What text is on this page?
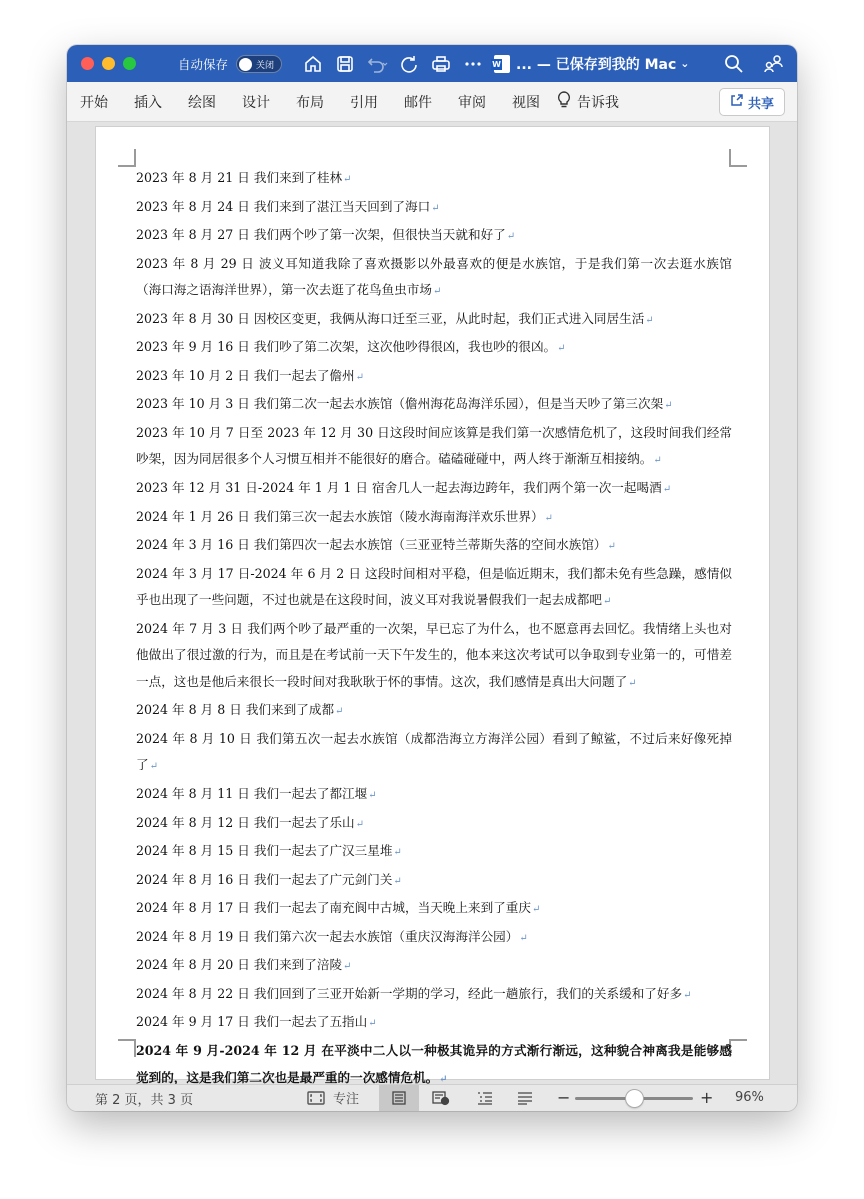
自动保存	关闭
W	... — 已保存到我的 Mac ⌄
开始 插入 绘图 设计 布局 引用 邮件 审阅 视图	告诉我	共享
2023 年 8 月 21 日 我们来到了桂林↵
2023 年 8 月 24 日 我们来到了湛江当天回到了海口↵
2023 年 8 月 27 日 我们两个吵了第一次架，但很快当天就和好了↵
2023 年 8 月 29 日 波义耳知道我除了喜欢摄影以外最喜欢的便是水族馆，于是我们第一次去逛水族馆（海口海之语海洋世界），第一次去逛了花鸟鱼虫市场↵
2023 年 8 月 30 日 因校区变更，我俩从海口迁至三亚，从此时起，我们正式进入同居生活↵
2023 年 9 月 16 日 我们吵了第二次架，这次他吵得很凶，我也吵的很凶。↵
2023 年 10 月 2 日 我们一起去了儋州↵
2023 年 10 月 3 日 我们第二次一起去水族馆（儋州海花岛海洋乐园），但是当天吵了第三次架↵
2023 年 10 月 7 日至 2023 年 12 月 30 日这段时间应该算是我们第一次感情危机了，这段时间我们经常吵架，因为同居很多个人习惯互相并不能很好的磨合。磕磕碰碰中，两人终于渐渐互相接纳。↵
2023 年 12 月 31 日-2024 年 1 月 1 日 宿舍几人一起去海边跨年，我们两个第一次一起喝酒↵
2024 年 1 月 26 日 我们第三次一起去水族馆（陵水海南海洋欢乐世界）↵
2024 年 3 月 16 日 我们第四次一起去水族馆（三亚亚特兰蒂斯失落的空间水族馆）↵
2024 年 3 月 17 日-2024 年 6 月 2 日 这段时间相对平稳，但是临近期末，我们都未免有些急躁，感情似乎也出现了一些问题，不过也就是在这段时间，波义耳对我说暑假我们一起去成都吧↵
2024 年 7 月 3 日 我们两个吵了最严重的一次架，早已忘了为什么，也不愿意再去回忆。我情绪上头也对他做出了很过激的行为，而且是在考试前一天下午发生的，他本来这次考试可以争取到专业第一的，可惜差一点，这也是他后来很长一段时间对我耿耿于怀的事情。这次，我们感情是真出大问题了↵
2024 年 8 月 8 日 我们来到了成都↵
2024 年 8 月 10 日 我们第五次一起去水族馆（成都浩海立方海洋公园）看到了鲸鲨，不过后来好像死掉了↵
2024 年 8 月 11 日 我们一起去了都江堰↵
2024 年 8 月 12 日 我们一起去了乐山↵
2024 年 8 月 15 日 我们一起去了广汉三星堆↵
2024 年 8 月 16 日 我们一起去了广元剑门关↵
2024 年 8 月 17 日 我们一起去了南充阆中古城，当天晚上来到了重庆↵
2024 年 8 月 19 日 我们第六次一起去水族馆（重庆汉海海洋公园）↵
2024 年 8 月 20 日 我们来到了涪陵↵
2024 年 8 月 22 日 我们回到了三亚开始新一学期的学习，经此一趟旅行，我们的关系缓和了好多↵
2024 年 9 月 17 日 我们一起去了五指山↵
2024 年 9 月-2024 年 12 月 在平淡中二人以一种极其诡异的方式渐行渐远，这种貌合神离我是能够感觉到的，这是我们第二次也是最严重的一次感情危机。↵
第 2 页，共 3 页	专注	−	+ 96%
